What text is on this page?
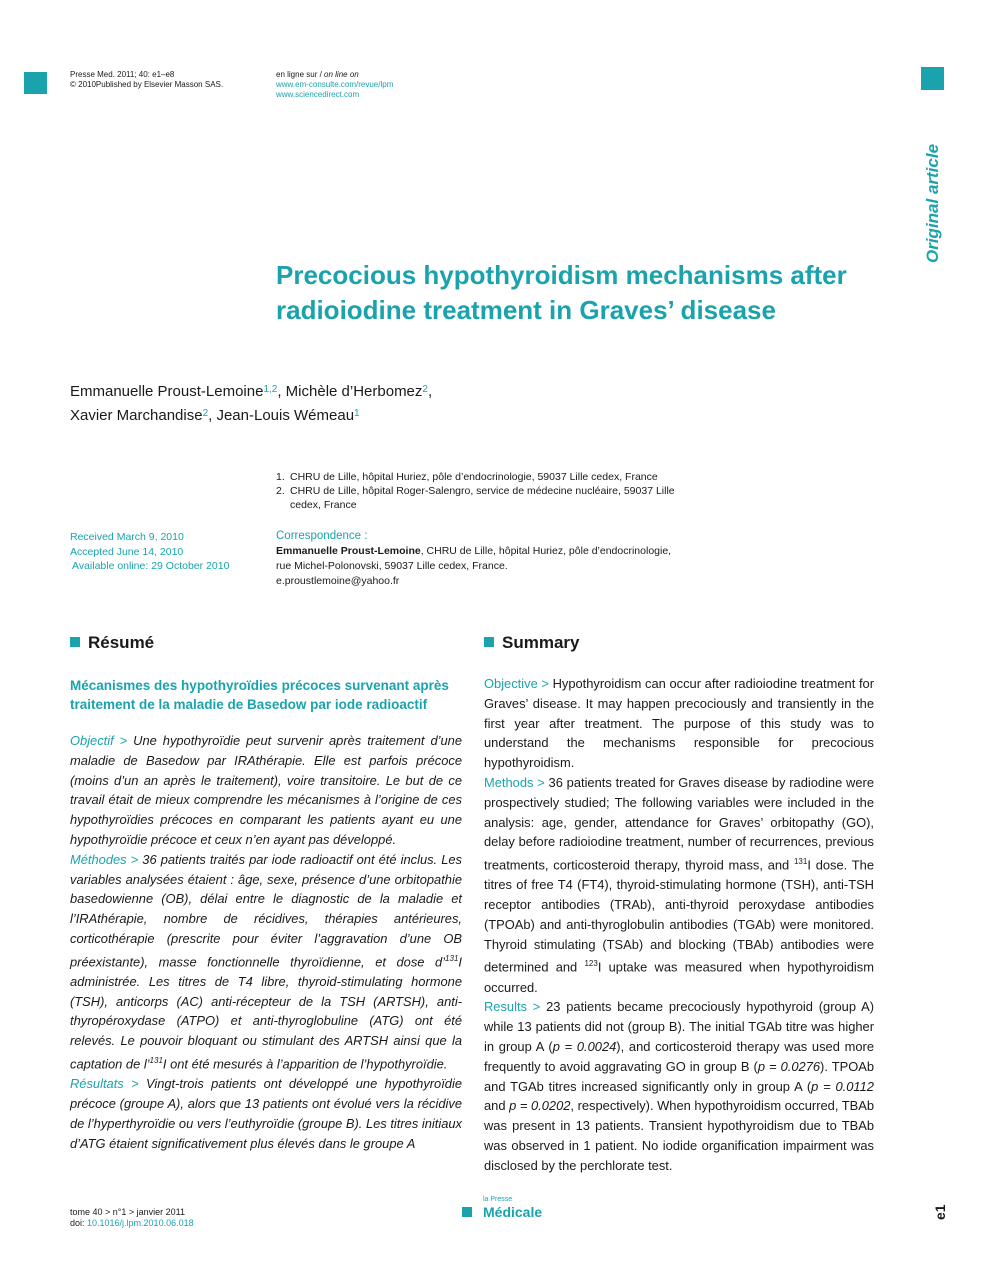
Presse Med. 2011; 40: e1–e8
© 2010Published by Elsevier Masson SAS.
en ligne sur / on line on
www.em-consulte.com/revue/lpm
www.sciencedirect.com
Original article
Precocious hypothyroidism mechanisms after radioiodine treatment in Graves’ disease
Emmanuelle Proust-Lemoine$^{1,2}$, Michèle d’Herbomez$^2$,
Xavier Marchandise$^2$, Jean-Louis Wémeau$^1$
1. CHRU de Lille, hôpital Huriez, pôle d’endocrinologie, 59037 Lille cedex, France
2. CHRU de Lille, hôpital Roger-Salengro, service de médecine nucléaire, 59037 Lille cedex, France
Received March 9, 2010
Accepted June 14, 2010
Available online: 29 October 2010
Correspondence :
Emmanuelle Proust-Lemoine, CHRU de Lille, hôpital Huriez, pôle d’endocrinologie,
rue Michel-Polonovski, 59037 Lille cedex, France.
e.proustlemoine@yahoo.fr
Résumé
Mécanismes des hypothyroïdies précoces survenant après traitement de la maladie de Basedow par iode radioactif

Objectif > Une hypothyroïdie peut survenir après traitement d’une maladie de Basedow par IRAthérapie. Elle est parfois précoce (moins d’un an après le traitement), voire transitoire. Le but de ce travail était de mieux comprendre les mécanismes à l’origine de ces hypothyroïdies précoces en comparant les patients ayant eu une hypothyroïdie précoce et ceux n’en ayant pas développé.

Méthodes > 36 patients traités par iode radioactif ont été inclus. Les variables analysées étaient : âge, sexe, présence d’une orbitopathie basedowienne (OB), délai entre le diagnostic de la maladie et l’IRAthérapie, nombre de récidives, thérapies antérieures, corticothérapie (prescrite pour éviter l’aggravation d’une OB préexistante), masse fonctionnelle thyroïdienne, et dose d’$^{131}$I administrée. Les titres de T4 libre, thyroid-stimulating hormone (TSH), anticorps (AC) anti-récepteur de la TSH (ARTSH), anti-thyropéroxydase (ATPO) et anti-thyroglobuline (ATG) ont été relevés. Le pouvoir bloquant ou stimulant des ARTSH ainsi que la captation de l’$^{131}$I ont été mesurés à l’apparition de l’hypothyroïdie.

Résultats > Vingt-trois patients ont développé une hypothyroïdie précoce (groupe A), alors que 13 patients ont évolué vers la récidive de l’hyperthyroïdie ou vers l’euthyroïdie (groupe B). Les titres initiaux d’ATG étaient significativement plus élevés dans le groupe A

Summary

Objective > Hypothyroidism can occur after radioiodine treatment for Graves’ disease. It may happen precociously and transiently in the first year after treatment. The purpose of this study was to understand the mechanisms responsible for precocious hypothyroidism.

Methods > 36 patients treated for Graves disease by radiodine were prospectively studied; The following variables were included in the analysis: age, gender, attendance for Graves’ orbitopathy (GO), delay before radioiodine treatment, number of recurrences, previous treatments, corticosteroid therapy, thyroid mass, and $^{131}$I dose. The titres of free T4 (FT4), thyroid-stimulating hormone (TSH), anti-TSH receptor antibodies (TRAb), anti-thyroid peroxydase antibodies (TPOAb) and anti-thyroglobulin antibodies (TGAb) were monitored. Thyroid stimulating (TSAb) and blocking (TBAb) antibodies were determined and $^{123}$I uptake was measured when hypothyroidism occurred.

Results > 23 patients became precociously hypothyroid (group A) while 13 patients did not (group B). The initial TGAb titre was higher in group A (p = 0.0024), and corticosteroid therapy was used more frequently to avoid aggravating GO in group B (p = 0.0276). TPOAb and TGAb titres increased significantly only in group A (p = 0.0112 and p = 0.0202, respectively). When hypothyroidism occurred, TBAb was present in 13 patients. Transient hypothyroidism due to TBAb was observed in 1 patient. No iodide organification impairment was disclosed by the perchlorate test.

tome 40 > n°1 > janvier 2011
doi: 10.1016/j.lpm.2010.06.018
la Presse
Médicale	e1
